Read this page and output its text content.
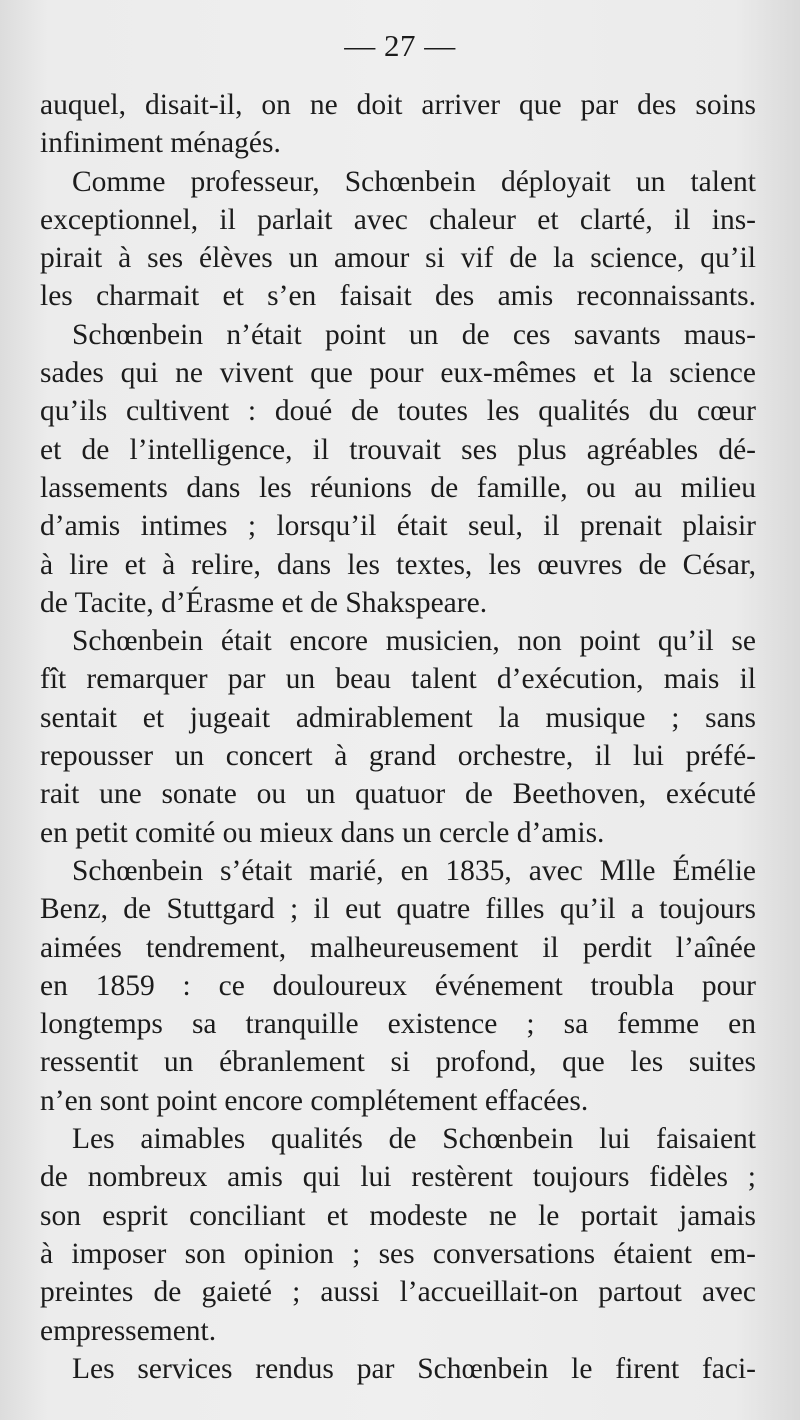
— 27 —

auquel, disait-il, on ne doit arriver que par des soins
infiniment ménagés.

Comme professeur, Schœnbein déployait un talent
exceptionnel, il parlait avec chaleur et clarté, il ins-
pirait à ses élèves un amour si vif de la science, qu’il
les charmait et s’en faisait des amis reconnaissants.

Schœnbein n’était point un de ces savants maus-
sades qui ne vivent que pour eux-mêmes et la science
qu’ils cultivent : doué de toutes les qualités du cœur
et de l’intelligence, il trouvait ses plus agréables dé-
lassements dans les réunions de famille, ou au milieu
d’amis intimes ; lorsqu’il était seul, il prenait plaisir
à lire et à relire, dans les textes, les œuvres de César,
de Tacite, d’Érasme et de Shakspeare.

Schœnbein était encore musicien, non point qu’il se
fît remarquer par un beau talent d’exécution, mais il
sentait et jugeait admirablement la musique ; sans
repousser un concert à grand orchestre, il lui préfé-
rait une sonate ou un quatuor de Beethoven, exécuté
en petit comité ou mieux dans un cercle d’amis.

Schœnbein s’était marié, en 1835, avec Mlle Émélie
Benz, de Stuttgard ; il eut quatre filles qu’il a toujours
aimées tendrement, malheureusement il perdit l’aînée
en 1859 : ce douloureux événement troubla pour
longtemps sa tranquille existence ; sa femme en
ressentit un ébranlement si profond, que les suites
n’en sont point encore complétement effacées.

Les aimables qualités de Schœnbein lui faisaient
de nombreux amis qui lui restèrent toujours fidèles ;
son esprit conciliant et modeste ne le portait jamais
à imposer son opinion ; ses conversations étaient em-
preintes de gaieté ; aussi l’accueillait-on partout avec
empressement.

Les services rendus par Schœnbein le firent faci-
